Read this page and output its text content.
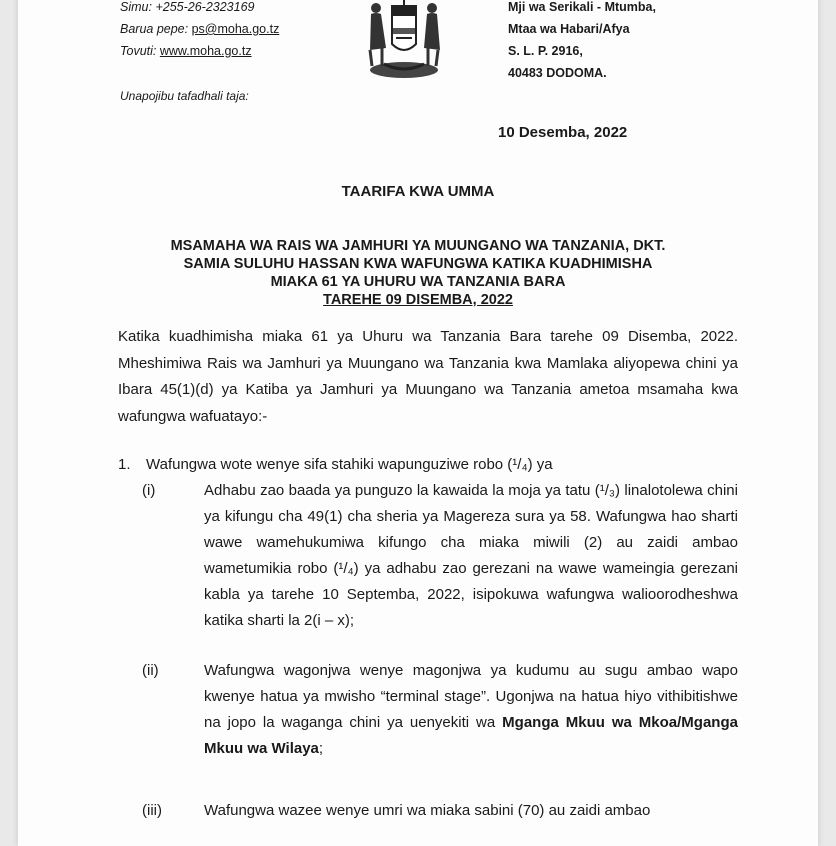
Simu: +255-26-2323169
Barua pepe: ps@moha.go.tz
Tovuti: www.moha.go.tz
Mji wa Serikali - Mtumba,
Mtaa wa Habari/Afya
S. L. P. 2916,
40483 DODOMA.
Unapojibu tafadhali taja:
10 Desemba, 2022
TAARIFA KWA UMMA
MSAMAHA WA RAIS WA JAMHURI YA MUUNGANO WA TANZANIA, DKT.
SAMIA SULUHU HASSAN KWA WAFUNGWA KATIKA KUADHIMISHA
MIAKA 61 YA UHURU WA TANZANIA BARA
TAREHE 09 DISEMBA, 2022
Katika kuadhimisha miaka 61 ya Uhuru wa Tanzania Bara tarehe 09 Disemba, 2022. Mheshimiwa Rais wa Jamhuri ya Muungano wa Tanzania kwa Mamlaka aliyopewa chini ya Ibara 45(1)(d) ya Katiba ya Jamhuri ya Muungano wa Tanzania ametoa msamaha kwa wafungwa wafuatayo:-
1. Wafungwa wote wenye sifa stahiki wapunguziwe robo (¹/₄) ya
(i)	Adhabu zao baada ya punguzo la kawaida la moja ya tatu (¹/₃) linalotolewa chini ya kifungu cha 49(1) cha sheria ya Magereza sura ya 58. Wafungwa hao sharti wawe wamehukumiwa kifungo cha miaka miwili (2) au zaidi ambao wametumikia robo (¹/₄) ya adhabu zao gerezani na wawe wameingia gerezani kabla ya tarehe 10 Septemba, 2022, isipokuwa wafungwa walioorodheshwa katika sharti la 2(i – x);
(ii)	Wafungwa wagonjwa wenye magonjwa ya kudumu au sugu ambao wapo kwenye hatua ya mwisho “terminal stage”. Ugonjwa na hatua hiyo vithibitishwe na jopo la waganga chini ya uenyekiti wa Mganga Mkuu wa Mkoa/Mganga Mkuu wa Wilaya;
(iii)	Wafungwa wazee wenye umri wa miaka sabini (70) au zaidi ambao
